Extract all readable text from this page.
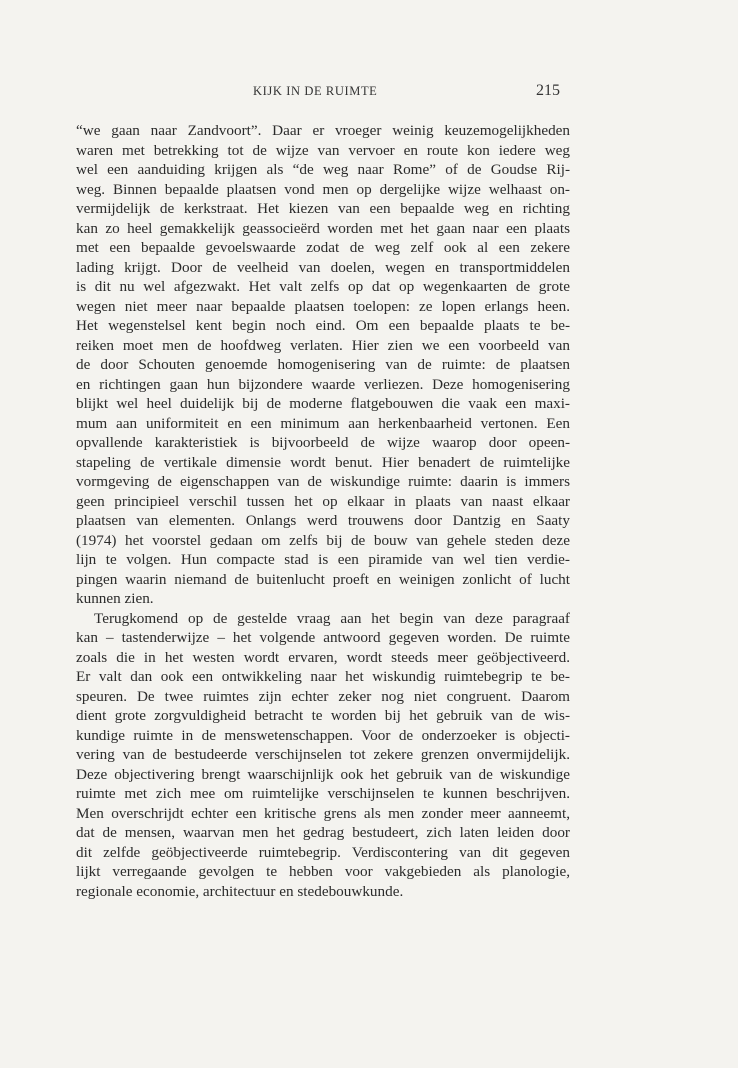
KIJK IN DE RUIMTE	215
“we gaan naar Zandvoort”. Daar er vroeger weinig keuzemogelijkheden
waren met betrekking tot de wijze van vervoer en route kon iedere weg
wel een aanduiding krijgen als “de weg naar Rome” of de Goudse Rij-
weg. Binnen bepaalde plaatsen vond men op dergelijke wijze welhaast on-
vermijdelijk de kerkstraat. Het kiezen van een bepaalde weg en richting
kan zo heel gemakkelijk geassocieërd worden met het gaan naar een plaats
met een bepaalde gevoelswaarde zodat de weg zelf ook al een zekere
lading krijgt. Door de veelheid van doelen, wegen en transportmiddelen
is dit nu wel afgezwakt. Het valt zelfs op dat op wegenkaarten de grote
wegen niet meer naar bepaalde plaatsen toelopen: ze lopen erlangs heen.
Het wegenstelsel kent begin noch eind. Om een bepaalde plaats te be-
reiken moet men de hoofdweg verlaten. Hier zien we een voorbeeld van
de door Schouten genoemde homogenisering van de ruimte: de plaatsen
en richtingen gaan hun bijzondere waarde verliezen. Deze homogenisering
blijkt wel heel duidelijk bij de moderne flatgebouwen die vaak een maxi-
mum aan uniformiteit en een minimum aan herkenbaarheid vertonen. Een
opvallende karakteristiek is bijvoorbeeld de wijze waarop door opeen-
stapeling de vertikale dimensie wordt benut. Hier benadert de ruimtelijke
vormgeving de eigenschappen van de wiskundige ruimte: daarin is immers
geen principieel verschil tussen het op elkaar in plaats van naast elkaar
plaatsen van elementen. Onlangs werd trouwens door Dantzig en Saaty
(1974) het voorstel gedaan om zelfs bij de bouw van gehele steden deze
lijn te volgen. Hun compacte stad is een piramide van wel tien verdie-
pingen waarin niemand de buitenlucht proeft en weinigen zonlicht of lucht
kunnen zien.
Terugkomend op de gestelde vraag aan het begin van deze paragraaf
kan – tastenderwijze – het volgende antwoord gegeven worden. De ruimte
zoals die in het westen wordt ervaren, wordt steeds meer geöbjectiveerd.
Er valt dan ook een ontwikkeling naar het wiskundig ruimtebegrip te be-
speuren. De twee ruimtes zijn echter zeker nog niet congruent. Daarom
dient grote zorgvuldigheid betracht te worden bij het gebruik van de wis-
kundige ruimte in de menswetenschappen. Voor de onderzoeker is objecti-
vering van de bestudeerde verschijnselen tot zekere grenzen onvermijdelijk.
Deze objectivering brengt waarschijnlijk ook het gebruik van de wiskundige
ruimte met zich mee om ruimtelijke verschijnselen te kunnen beschrijven.
Men overschrijdt echter een kritische grens als men zonder meer aanneemt,
dat de mensen, waarvan men het gedrag bestudeert, zich laten leiden door
dit zelfde geöbjectiveerde ruimtebegrip. Verdiscontering van dit gegeven
lijkt verregaande gevolgen te hebben voor vakgebieden als planologie,
regionale economie, architectuur en stedebouwkunde.
